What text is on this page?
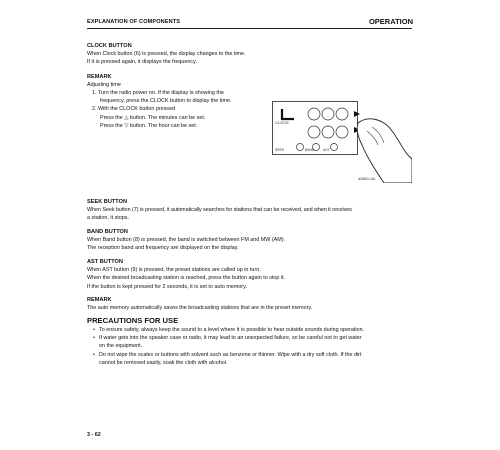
EXPLANATION OF COMPONENTS	OPERATION
CLOCK BUTTON
When Clock button (6) is pressed, the display changes to the time.
If it is pressed again, it displays the frequency.
REMARK
Adjusting time
1. Turn the radio power on. If the display is showing the
frequency, press the CLOCK button to display the time.
2. With the CLOCK button pressed
Press the △ button. The minutes can be set.
Press the ▽ button. The hour can be set.
CLOCK
SEEK	BAND	AST
42860-1Al
SEEK BUTTON
When Seek button (7) is pressed, it automatically searches for stations that can be received, and when it receives
a station, it stops.
BAND BUTTON
When Band button (8) is pressed, the band is switched between FM and MW (AM).
The reception band and frequency are displayed on the display.
AST BUTTON
When AST button (9) is pressed, the preset stations are called up in turn.
When the desired broadcasting station is reached, press the button again to stop it.
If the button is kept pressed for 2 seconds, it is set to auto memory.
REMARK
The auto memory automatically saves the broadcasting stations that are in the preset memory.
PRECAUTIONS FOR USE
• To ensure safety, always keep the sound to a level where it is possible to hear outside sounds during operation.
• If water gets into the speaker case or radio, it may lead to an unexpected failure, so be careful not to get water
on the equipment.
• Do not wipe the scales or buttons with solvent such as benzene or thinner. Wipe with a dry soft cloth. If the dirt
cannot be removed easily, soak the cloth with alcohol.
3 - 62
